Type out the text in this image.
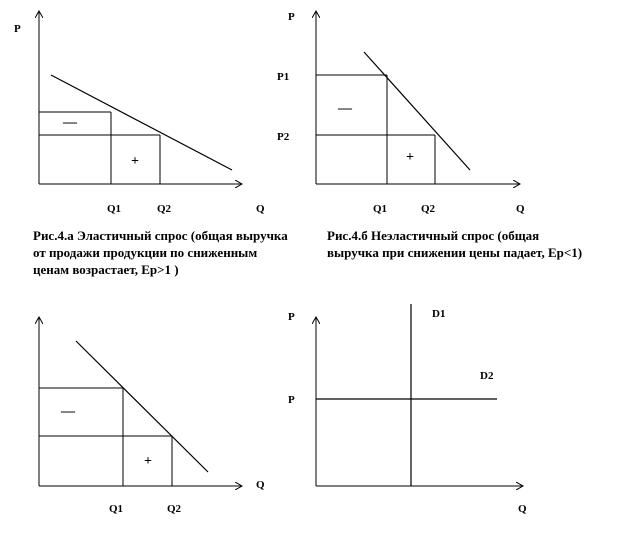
P
Q
Q1	Q2
—
+
P
P1
P2
Q
Q1	Q2
—
+
Q
Q1	Q2
—
+
P
P
Q
D1
D2
Рис.4.а Эластичный спрос (общая выручка от продажи продукции по сниженным ценам возрастает, Ер>1 )
Рис.4.б Неэластичный спрос (общая выручка при снижении цены падает, Ер<1)
